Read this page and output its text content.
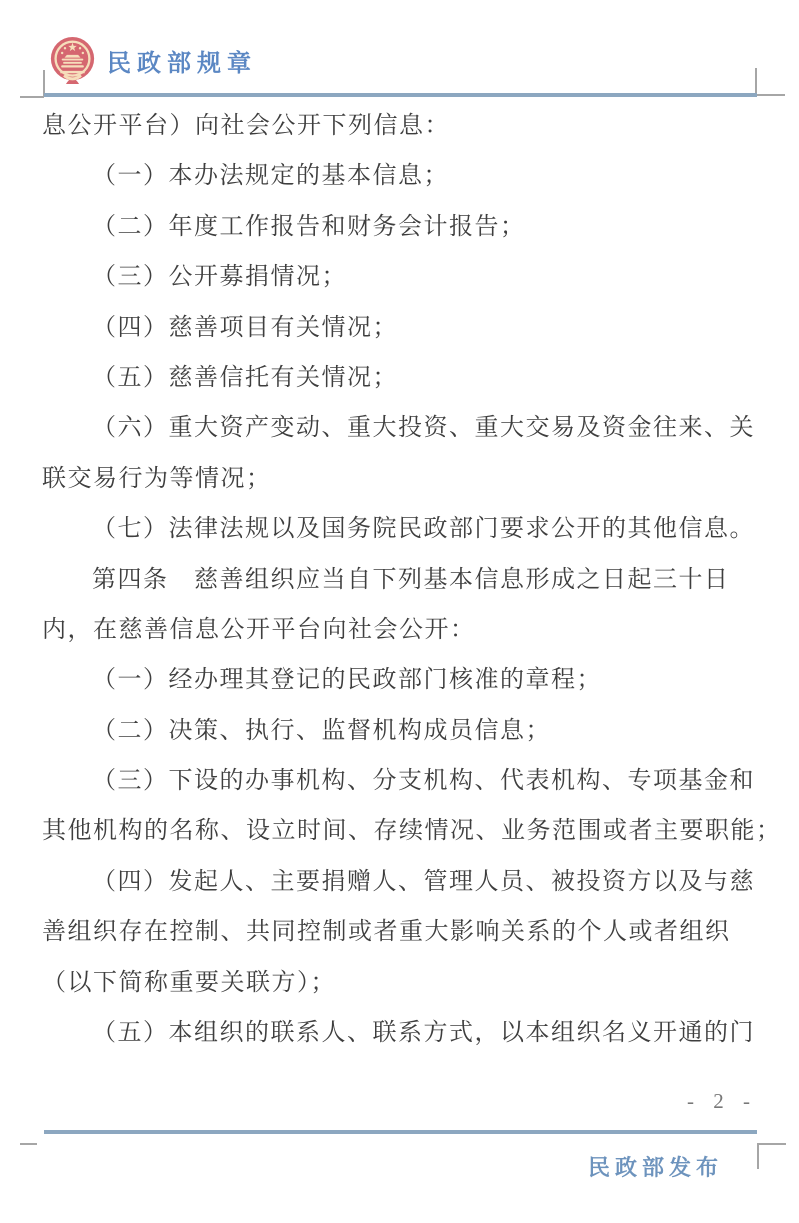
民政部规章
息公开平台）向社会公开下列信息：
（一）本办法规定的基本信息；
（二）年度工作报告和财务会计报告；
（三）公开募捐情况；
（四）慈善项目有关情况；
（五）慈善信托有关情况；
（六）重大资产变动、重大投资、重大交易及资金往来、关
联交易行为等情况；
（七）法律法规以及国务院民政部门要求公开的其他信息。
第四条　慈善组织应当自下列基本信息形成之日起三十日
内，在慈善信息公开平台向社会公开：
（一）经办理其登记的民政部门核准的章程；
（二）决策、执行、监督机构成员信息；
（三）下设的办事机构、分支机构、代表机构、专项基金和
其他机构的名称、设立时间、存续情况、业务范围或者主要职能；
（四）发起人、主要捐赠人、管理人员、被投资方以及与慈
善组织存在控制、共同控制或者重大影响关系的个人或者组织
（以下简称重要关联方）；
（五）本组织的联系人、联系方式，以本组织名义开通的门
- 2 -
民政部发布
